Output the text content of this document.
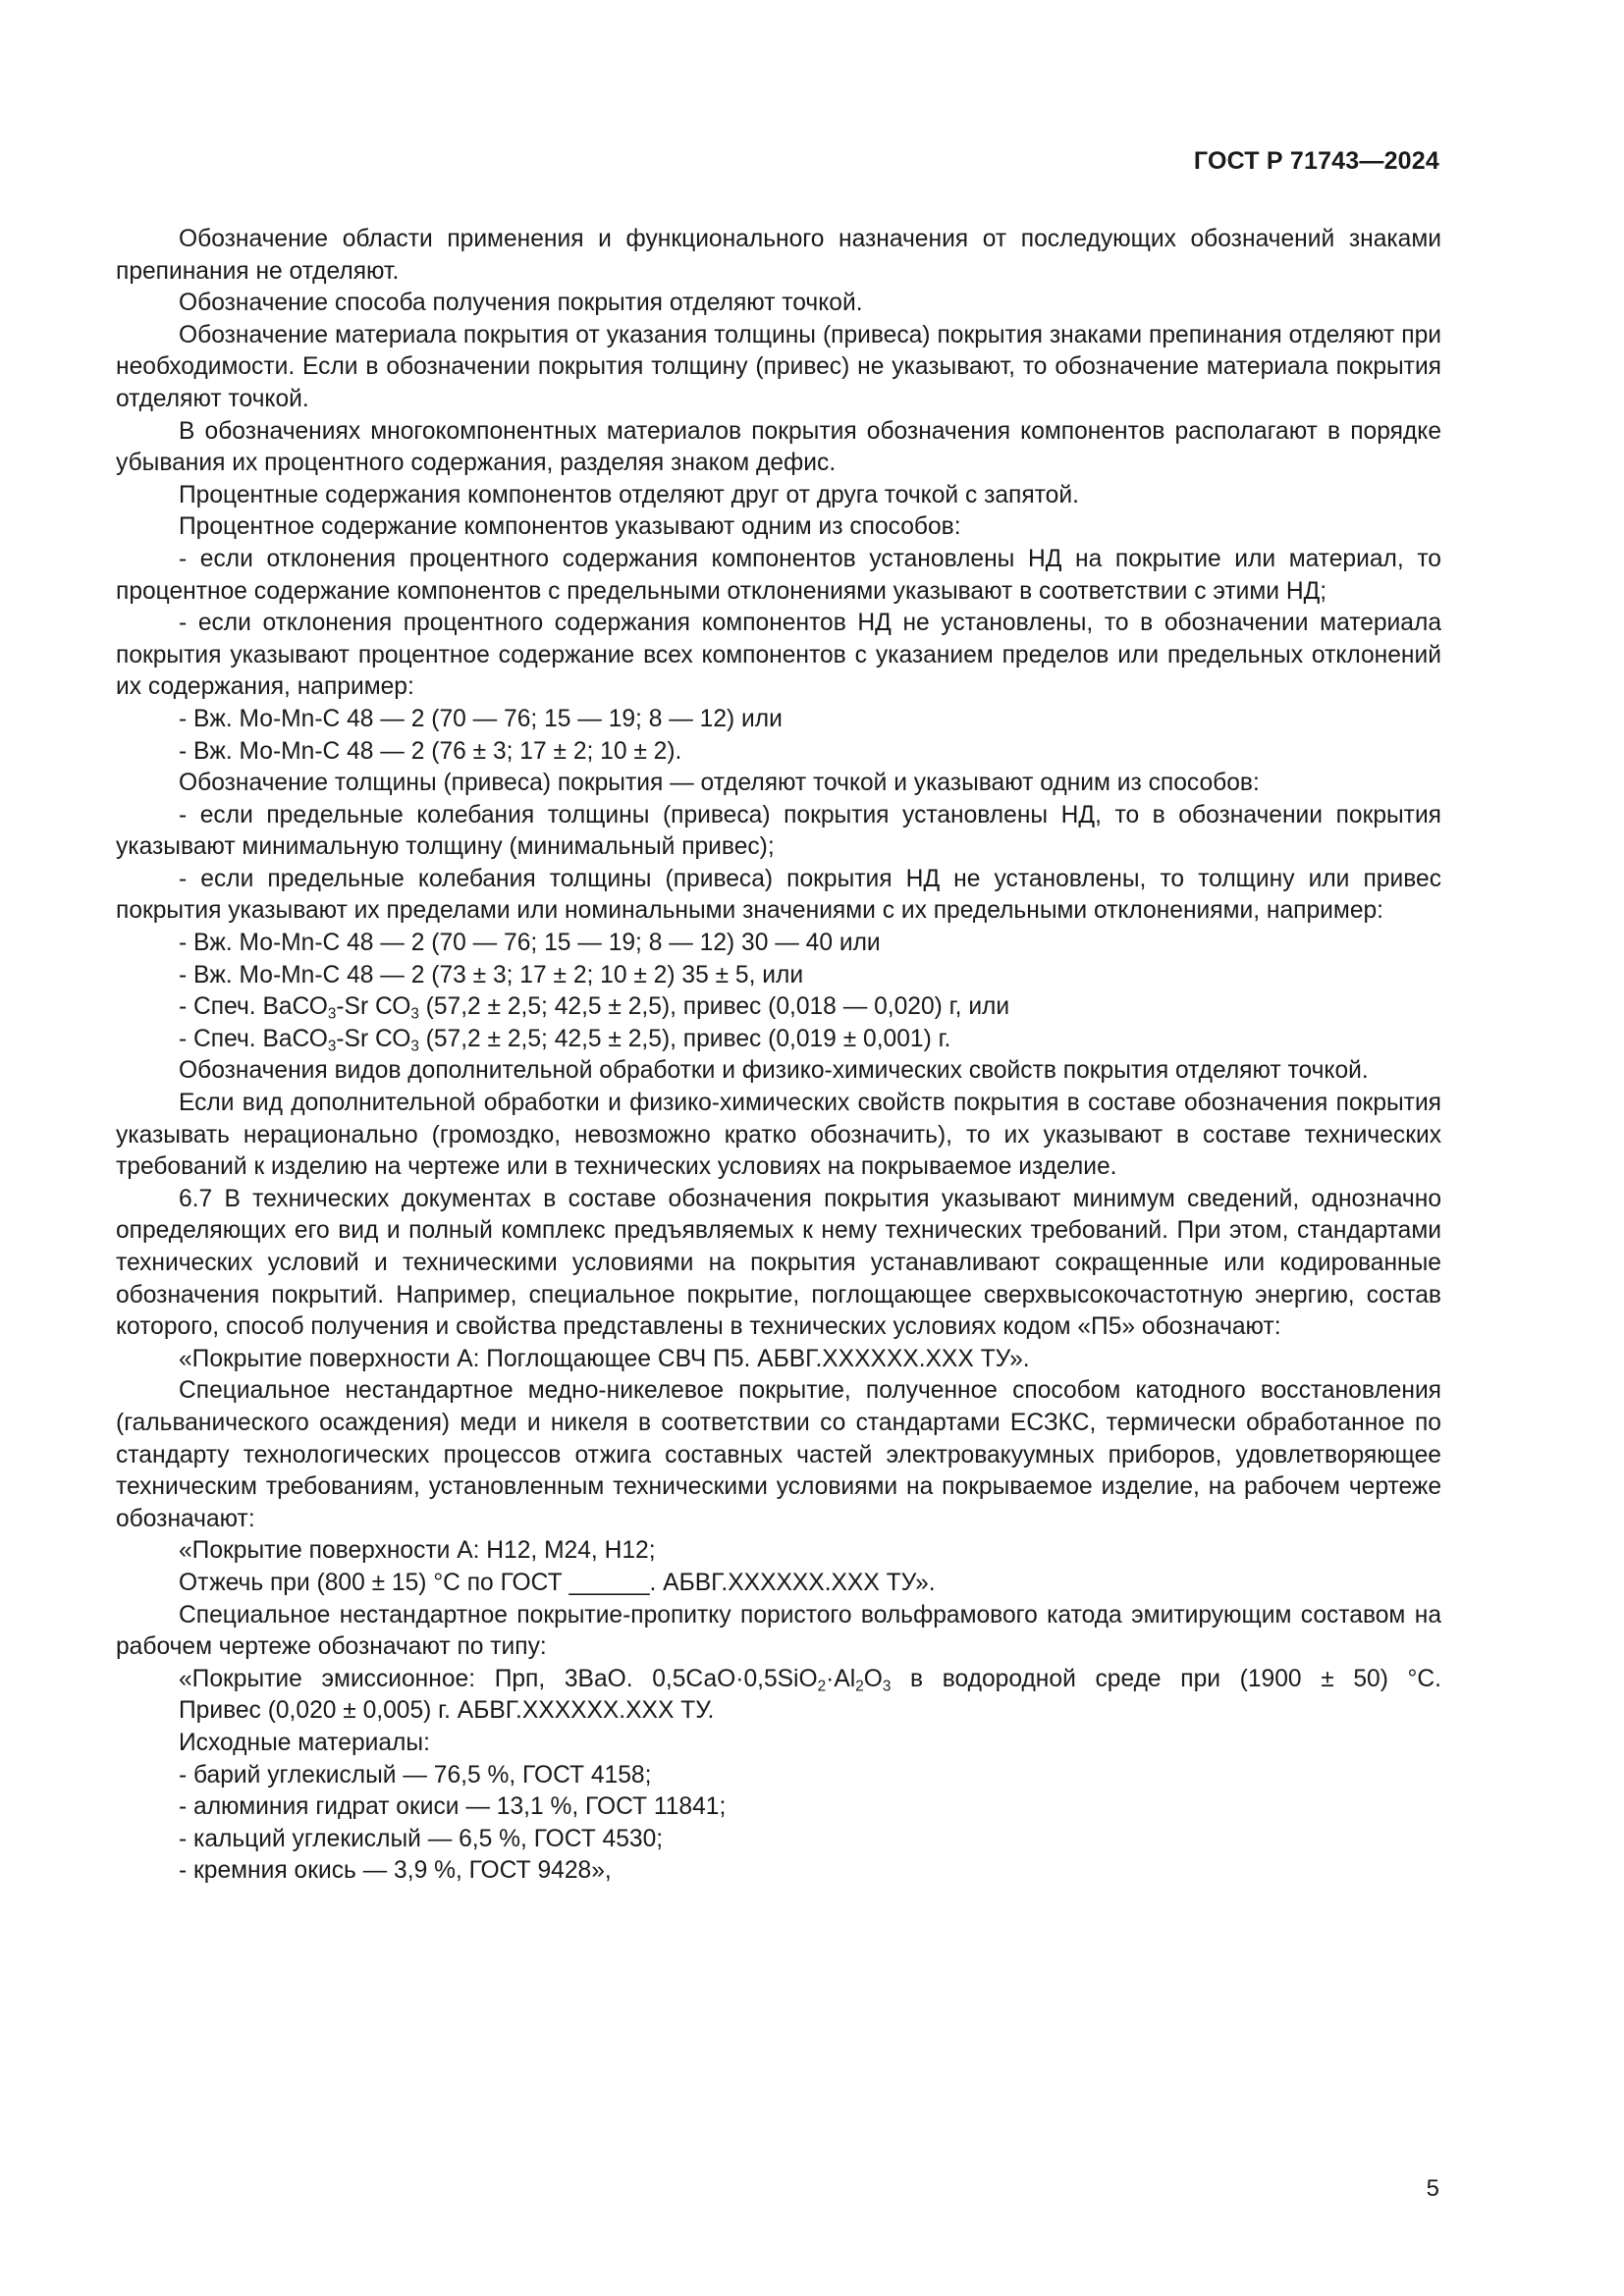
ГОСТ Р 71743—2024

Обозначение области применения и функционального назначения от последующих обозначений знаками препинания не отделяют.

Обозначение способа получения покрытия отделяют точкой.

Обозначение материала покрытия от указания толщины (привеса) покрытия знаками препинания отделяют при необходимости. Если в обозначении покрытия толщину (привес) не указывают, то обозначение материала покрытия отделяют точкой.

В обозначениях многокомпонентных материалов покрытия обозначения компонентов располагают в порядке убывания их процентного содержания, разделяя знаком дефис.

Процентные содержания компонентов отделяют друг от друга точкой с запятой.

Процентное содержание компонентов указывают одним из способов:

- если отклонения процентного содержания компонентов установлены НД на покрытие или материал, то процентное содержание компонентов с предельными отклонениями указывают в соответствии с этими НД;

- если отклонения процентного содержания компонентов НД не установлены, то в обозначении материала покрытия указывают процентное содержание всех компонентов с указанием пределов или предельных отклонений их содержания, например:

- Вж. Мо-Мn-С 48 — 2 (70 — 76; 15 — 19; 8 — 12) или

- Вж. Мо-Мn-С 48 — 2 (76 ± 3; 17 ± 2; 10 ± 2).

Обозначение толщины (привеса) покрытия — отделяют точкой и указывают одним из способов:

- если предельные колебания толщины (привеса) покрытия установлены НД, то в обозначении покрытия указывают минимальную толщину (минимальный привес);

- если предельные колебания толщины (привеса) покрытия НД не установлены, то толщину или привес покрытия указывают их пределами или номинальными значениями с их предельными отклонениями, например:

- Вж. Мо-Мn-С 48 — 2 (70 — 76; 15 — 19; 8 — 12) 30 — 40 или

- Вж. Мо-Мn-С 48 — 2 (73 ± 3; 17 ± 2; 10 ± 2) 35 ± 5, или

- Спеч. ВаСО$_3$-Sr $СО_3$ (57,2 ± 2,5; 42,5 ± 2,5), привес (0,018 — 0,020) г, или

- Спеч. ВаСО$_3$-Sr $СО_3$ (57,2 ± 2,5; 42,5 ± 2,5), привес (0,019 ± 0,001) г.

Обозначения видов дополнительной обработки и физико-химических свойств покрытия отделяют точкой.

Если вид дополнительной обработки и физико-химических свойств покрытия в составе обозначения покрытия указывать нерационально (громоздко, невозможно кратко обозначить), то их указывают в составе технических требований к изделию на чертеже или в технических условиях на покрываемое изделие.

6.7 В технических документах в составе обозначения покрытия указывают минимум сведений, однозначно определяющих его вид и полный комплекс предъявляемых к нему технических требований. При этом, стандартами технических условий и техническими условиями на покрытия устанавливают сокращенные или кодированные обозначения покрытий. Например, специальное покрытие, поглощающее сверхвысокочастотную энергию, состав которого, способ получения и свойства представлены в технических условиях кодом «П5» обозначают:

«Покрытие поверхности А: Поглощающее СВЧ П5. АБВГ.ХХХХХХ.ХХХ ТУ».

Специальное нестандартное медно-никелевое покрытие, полученное способом катодного восстановления (гальванического осаждения) меди и никеля в соответствии со стандартами ЕСЗКС, термически обработанное по стандарту технологических процессов отжига составных частей электровакуумных приборов, удовлетворяющее техническим требованиям, установленным техническими условиями на покрываемое изделие, на рабочем чертеже обозначают:

«Покрытие поверхности А: Н12, М24, Н12;

Отжечь при (800 ± 15) °С по ГОСТ ______. АБВГ.ХХХХХХ.ХХХ ТУ».

Специальное нестандартное покрытие-пропитку пористого вольфрамового катода эмитирующим составом на рабочем чертеже обозначают по типу:

«Покрытие эмиссионное: Прп, 3ВаО. $0,5СаО\cdot 0,5SiO_2\cdot Al_2O_3$ в водородной среде при (1900 ± 50) °С.

Привес (0,020 ± 0,005) г. АБВГ.ХХХХХХ.ХХХ ТУ.

Исходные материалы:

- барий углекислый — 76,5 %, ГОСТ 4158;

- алюминия гидрат окиси — 13,1 %, ГОСТ 11841;

- кальций углекислый — 6,5 %, ГОСТ 4530;

- кремния окись — 3,9 %, ГОСТ 9428»,

5
